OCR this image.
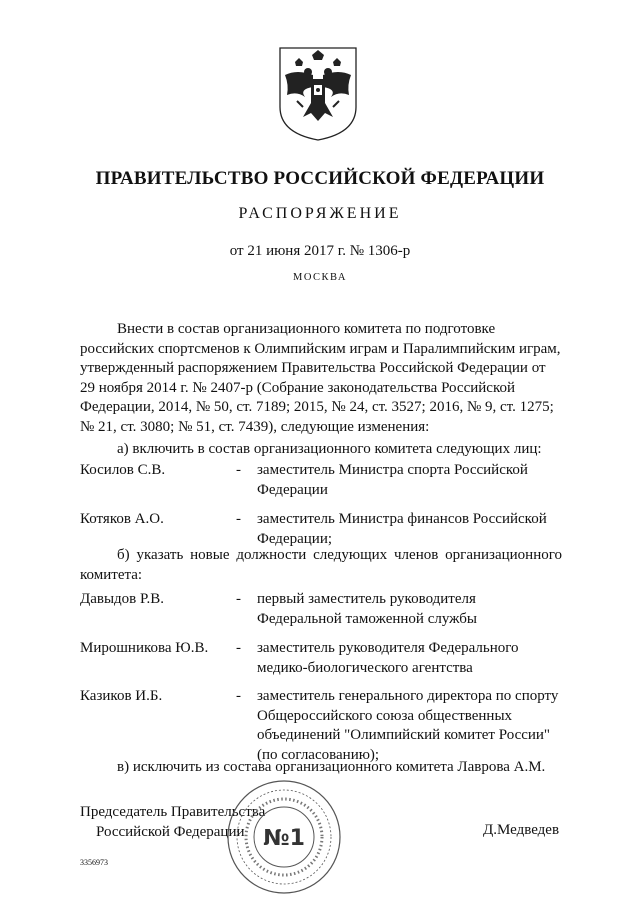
ПРАВИТЕЛЬСТВО РОССИЙСКОЙ ФЕДЕРАЦИИ
РАСПОРЯЖЕНИЕ
от 21 июня 2017 г. № 1306-р
МОСКВА
Внести в состав организационного комитета по подготовке
российских спортсменов к Олимпийским играм и Паралимпийским играм,
утвержденный распоряжением Правительства Российской Федерации от
29 ноября 2014 г. № 2407-р (Собрание законодательства Российской
Федерации, 2014, № 50, ст. 7189; 2015, № 24, ст. 3527; 2016, № 9, ст. 1275;
№ 21, ст. 3080; № 51, ст. 7439), следующие изменения:

а) включить в состав организационного комитета следующих лиц:

Косилов С.В.	- заместитель Министра спорта Российской Федерации
Котяков А.О.	- заместитель Министра финансов Российской Федерации;

б) указать новые должности следующих членов организационного комитета:

Давыдов Р.В.	- первый заместитель руководителя Федеральной таможенной службы
Мирошникова Ю.В. - заместитель руководителя Федерального медико-биологического агентства
Казиков И.Б.	- заместитель генерального директора по спорту Общероссийского союза общественных объединений "Олимпийский комитет России" (по согласованию);

в) исключить из состава организационного комитета Лаврова А.М.

Председатель Правительства
Российской Федерации №1	Д.Медведев
3356973
